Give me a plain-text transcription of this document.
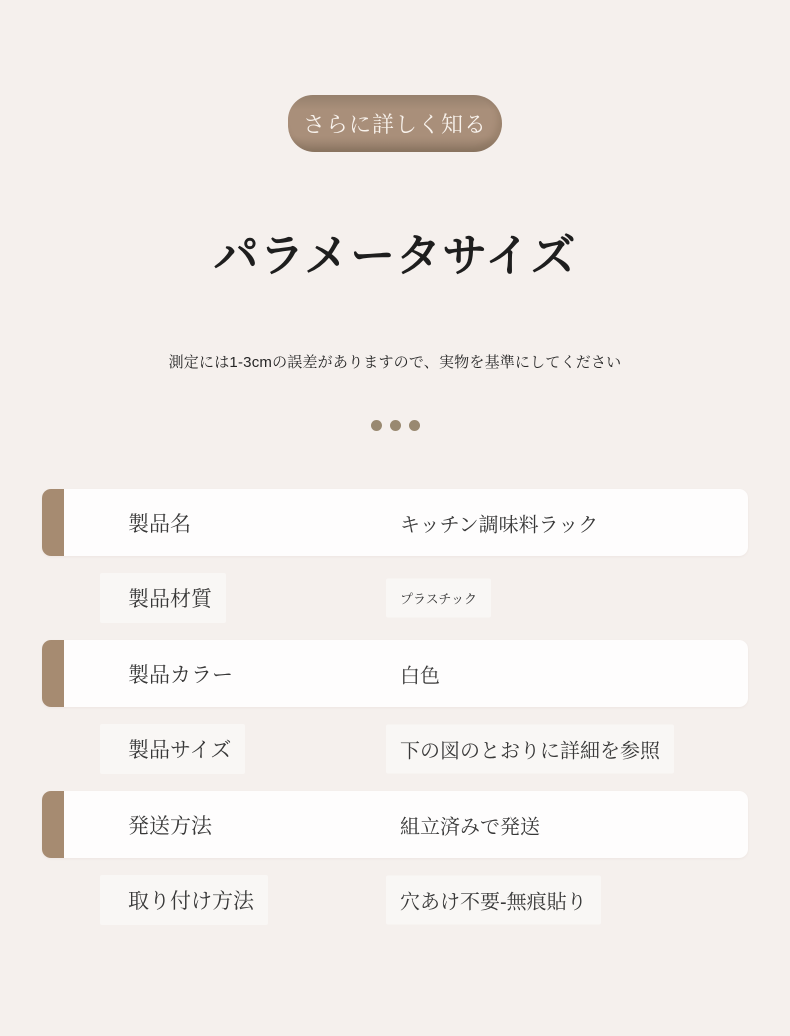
さらに詳しく知る
パラメータサイズ

測定には1-3cmの誤差がありますので、実物を基準にしてください

製品名	キッチン調味料ラック
製品材質	プラスチック
製品カラー	白色
製品サイズ	下の図のとおりに詳細を参照
発送方法	組立済みで発送
取り付け方法	穴あけ不要-無痕貼り
